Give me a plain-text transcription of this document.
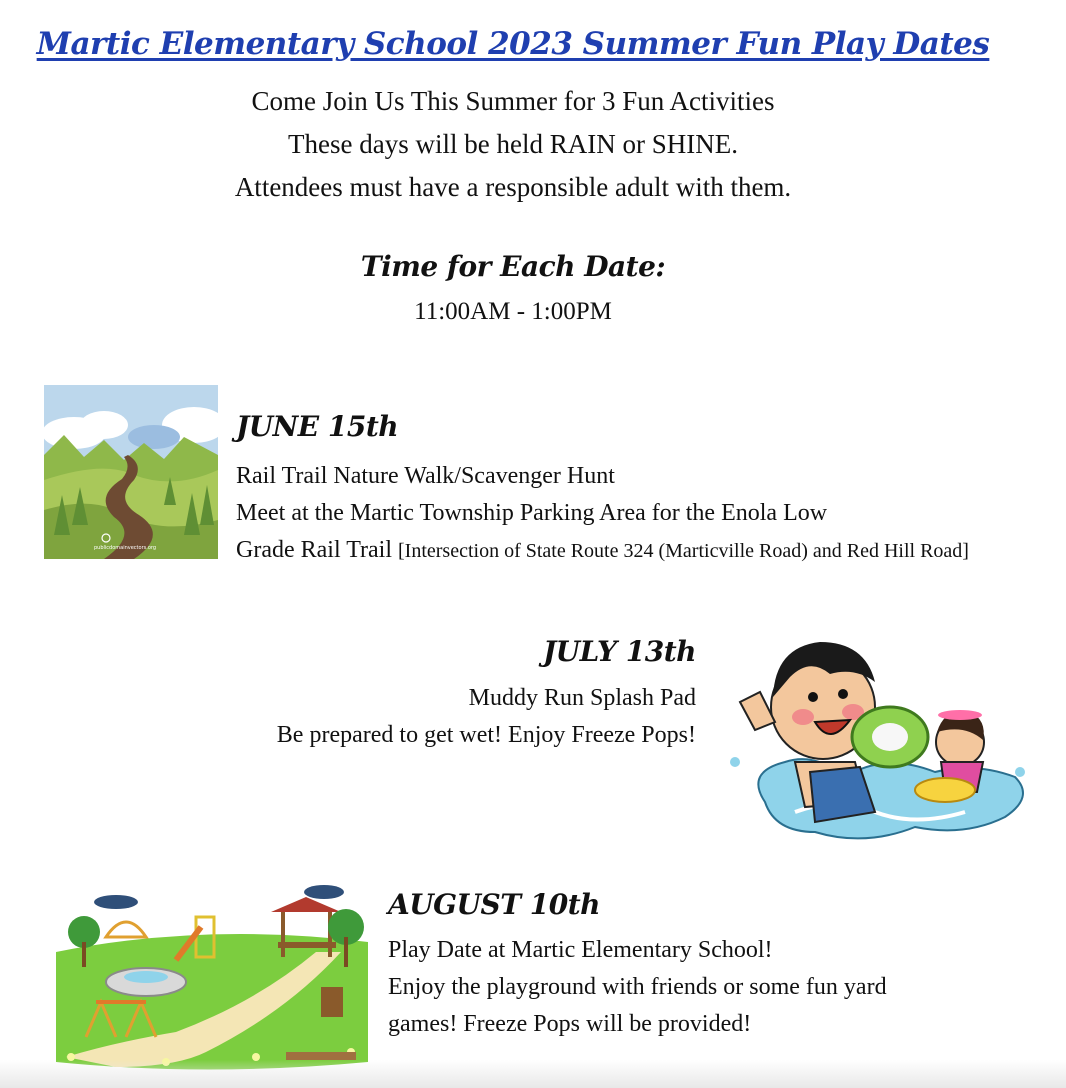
Martic Elementary School 2023 Summer Fun Play Dates
Come Join Us This Summer for 3 Fun Activities
These days will be held RAIN or SHINE.
Attendees must have a responsible adult with them.
Time for Each Date:
11:00AM - 1:00PM
publicdomainvectors.org
JUNE 15th
Rail Trail Nature Walk/Scavenger Hunt
Meet at the Martic Township Parking Area for the Enola Low
Grade Rail Trail [Intersection of State Route 324 (Marticville Road) and Red Hill Road]
JULY 13th
Muddy Run Splash Pad
Be prepared to get wet! Enjoy Freeze Pops!
AUGUST 10th
Play Date at Martic Elementary School!
Enjoy the playground with friends or some fun yard
games! Freeze Pops will be provided!
